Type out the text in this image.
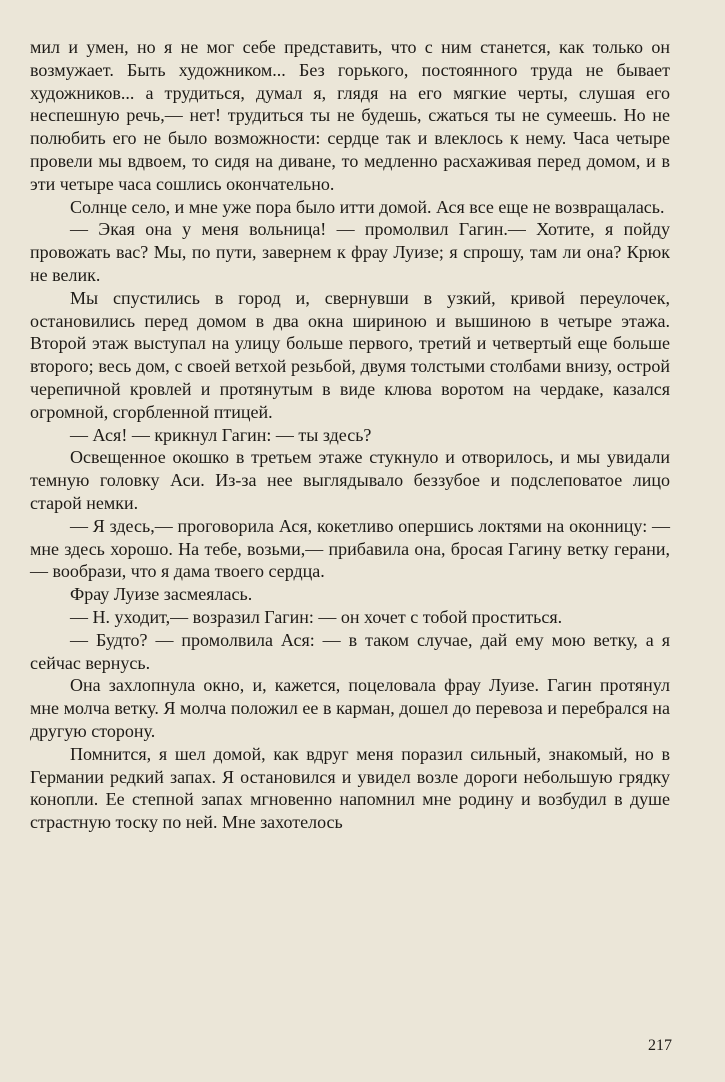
мил и умен, но я не мог себе представить, что с ним станется, как только он возмужает. Быть художником... Без горького, постоянного труда не бывает художников... а трудиться, думал я, глядя на его мягкие черты, слушая его неспешную речь,— нет! трудиться ты не будешь, сжаться ты не сумеешь. Но не полюбить его не было возможности: сердце так и влеклось к нему. Часа четыре провели мы вдвоем, то сидя на диване, то медленно расхаживая перед домом, и в эти четыре часа сошлись окончательно.

Солнце село, и мне уже пора было итти домой. Ася все еще не возвращалась.

— Экая она у меня вольница! — промолвил Гагин.— Хотите, я пойду провожать вас? Мы, по пути, завернем к фрау Луизе; я спрошу, там ли она? Крюк не велик.

Мы спустились в город и, свернувши в узкий, кривой переулочек, остановились перед домом в два окна шириною и вышиною в четыре этажа. Второй этаж выступал на улицу больше первого, третий и четвертый еще больше второго; весь дом, с своей ветхой резьбой, двумя толстыми столбами внизу, острой черепичной кровлей и протянутым в виде клюва воротом на чердаке, казался огромной, сгорбленной птицей.

— Ася! — крикнул Гагин: — ты здесь?

Освещенное окошко в третьем этаже стукнуло и отворилось, и мы увидали темную головку Аси. Из-за нее выглядывало беззубое и подслеповатое лицо старой немки.

— Я здесь,— проговорила Ася, кокетливо опершись локтями на оконницу: — мне здесь хорошо. На тебе, возьми,— прибавила она, бросая Гагину ветку герани,— вообрази, что я дама твоего сердца.

Фрау Луизе засмеялась.

— Н. уходит,— возразил Гагин: — он хочет с тобой проститься.

— Будто? — промолвила Ася: — в таком случае, дай ему мою ветку, а я сейчас вернусь.

Она захлопнула окно, и, кажется, поцеловала фрау Луизе. Гагин протянул мне молча ветку. Я молча положил ее в карман, дошел до перевоза и перебрался на другую сторону.

Помнится, я шел домой, как вдруг меня поразил сильный, знакомый, но в Германии редкий запах. Я остановился и увидел возле дороги небольшую грядку конопли. Ее степной запах мгновенно напомнил мне родину и возбудил в душе страстную тоску по ней. Мне захотелось

217
